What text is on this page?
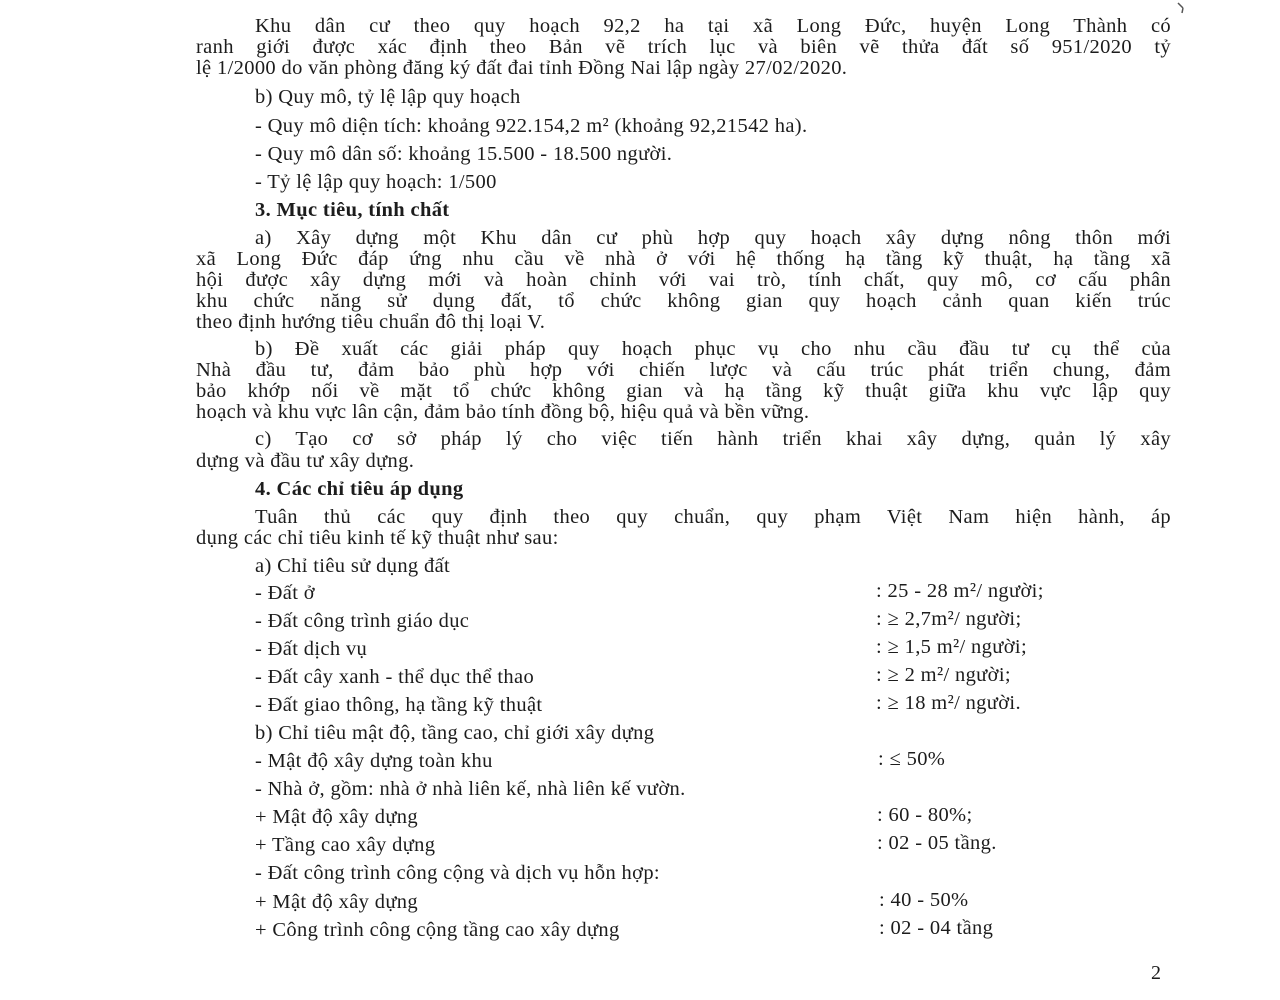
Khu dân cư theo quy hoạch 92,2 ha tại xã Long Đức, huyện Long Thành có
ranh giới được xác định theo Bản vẽ trích lục và biên vẽ thửa đất số 951/2020 tỷ
lệ 1/2000 do văn phòng đăng ký đất đai tỉnh Đồng Nai lập ngày 27/02/2020.
b) Quy mô, tỷ lệ lập quy hoạch
- Quy mô diện tích: khoảng 922.154,2 m² (khoảng 92,21542 ha).
- Quy mô dân số: khoảng 15.500 - 18.500 người.
- Tỷ lệ lập quy hoạch: 1/500
3. Mục tiêu, tính chất
a) Xây dựng một Khu dân cư phù hợp quy hoạch xây dựng nông thôn mới
xã Long Đức đáp ứng nhu cầu về nhà ở với hệ thống hạ tầng kỹ thuật, hạ tầng xã
hội được xây dựng mới và hoàn chỉnh với vai trò, tính chất, quy mô, cơ cấu phân
khu chức năng sử dụng đất, tổ chức không gian quy hoạch cảnh quan kiến trúc
theo định hướng tiêu chuẩn đô thị loại V.
b) Đề xuất các giải pháp quy hoạch phục vụ cho nhu cầu đầu tư cụ thể của
Nhà đầu tư, đảm bảo phù hợp với chiến lược và cấu trúc phát triển chung, đảm
bảo khớp nối về mặt tổ chức không gian và hạ tầng kỹ thuật giữa khu vực lập quy
hoạch và khu vực lân cận, đảm bảo tính đồng bộ, hiệu quả và bền vững.
c) Tạo cơ sở pháp lý cho việc tiến hành triển khai xây dựng, quản lý xây
dựng và đầu tư xây dựng.
4. Các chỉ tiêu áp dụng
Tuân thủ các quy định theo quy chuẩn, quy phạm Việt Nam hiện hành, áp
dụng các chỉ tiêu kinh tế kỹ thuật như sau:
a) Chỉ tiêu sử dụng đất
- Đất ở	: 25 - 28 m²/ người;
- Đất công trình giáo dục	: ≥ 2,7m²/ người;
- Đất dịch vụ	: ≥ 1,5 m²/ người;
- Đất cây xanh - thể dục thể thao	: ≥ 2 m²/ người;
- Đất giao thông, hạ tầng kỹ thuật	: ≥ 18 m²/ người.
b) Chỉ tiêu mật độ, tầng cao, chỉ giới xây dựng
- Mật độ xây dựng toàn khu	: ≤ 50%
- Nhà ở, gồm: nhà ở nhà liên kế, nhà liên kế vườn.
+ Mật độ xây dựng	: 60 - 80%;
+ Tầng cao xây dựng	: 02 - 05 tầng.
- Đất công trình công cộng và dịch vụ hỗn hợp:
+ Mật độ xây dựng	: 40 - 50%
+ Công trình công cộng tầng cao xây dựng	: 02 - 04 tầng
2
